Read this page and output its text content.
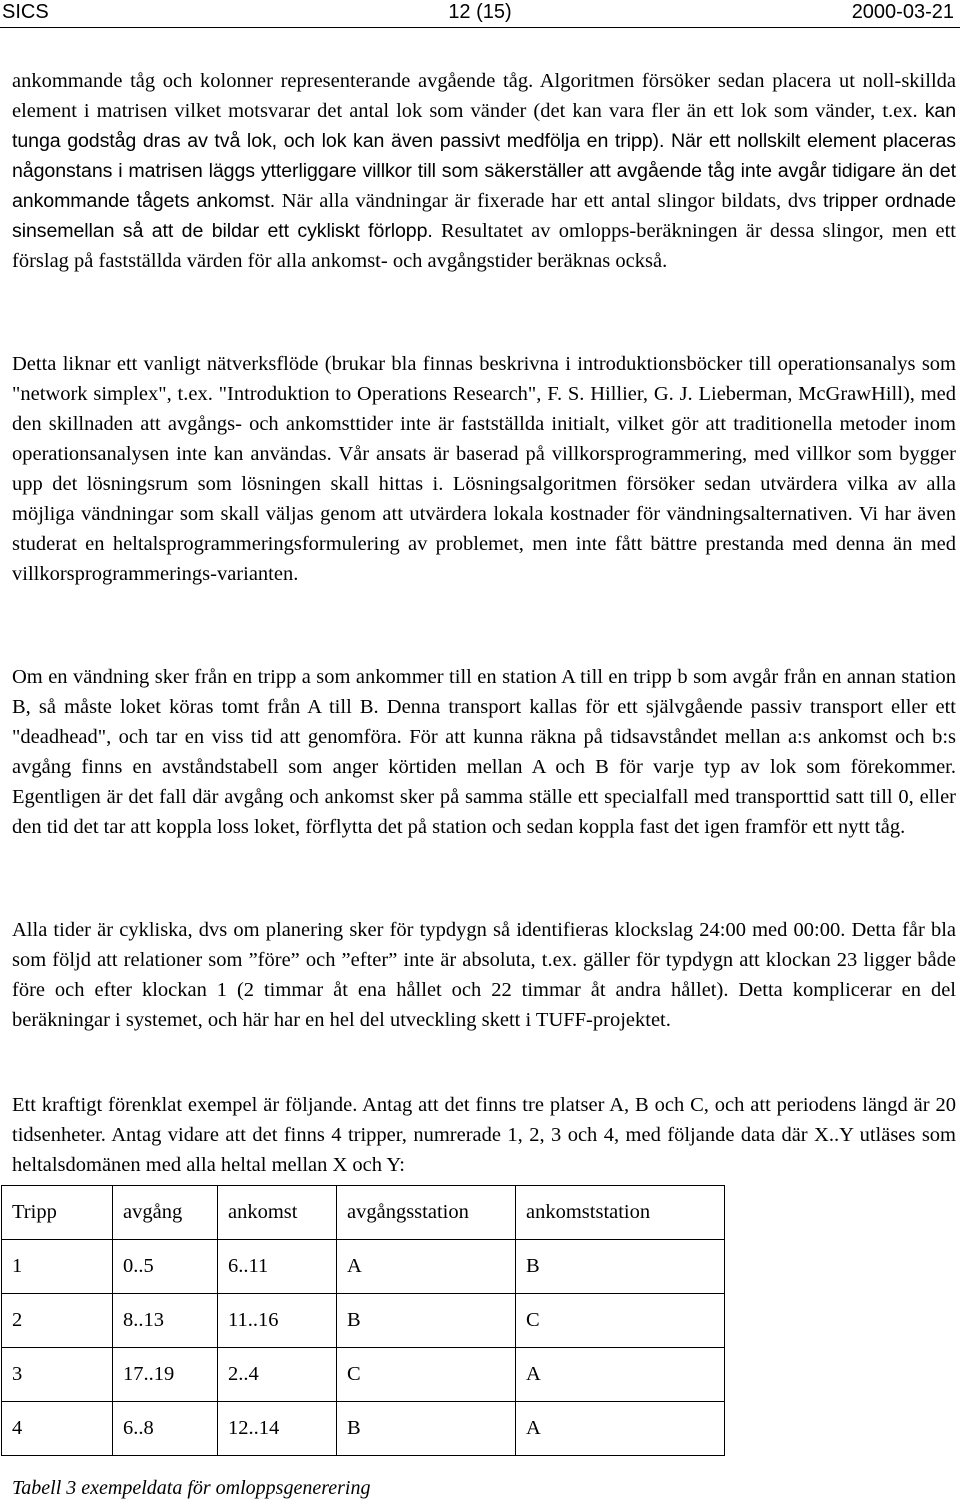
SICS	12 (15)	2000-03-21

ankommande tåg och kolonner representerande avgående tåg. Algoritmen försöker sedan placera ut noll-skillda element i matrisen vilket motsvarar det antal lok som vänder (det kan vara fler än ett lok som vänder, t.ex. kan tunga godståg dras av två lok, och lok kan även passivt medfölja en tripp). När ett nollskilt element placeras någonstans i matrisen läggs ytterliggare villkor till som säkerställer att avgående tåg inte avgår tidigare än det ankommande tågets ankomst. När alla vändningar är fixerade har ett antal slingor bildats, dvs tripper ordnade sinsemellan så att de bildar ett cykliskt förlopp. Resultatet av omlopps-beräkningen är dessa slingor, men ett förslag på fastställda värden för alla ankomst- och avgångstider beräknas också.

Detta liknar ett vanligt nätverksflöde (brukar bla finnas beskrivna i introduktionsböcker till operationsanalys som "network simplex", t.ex. "Introduktion to Operations Research", F. S. Hillier, G. J. Lieberman, McGrawHill), med den skillnaden att avgångs- och ankomsttider inte är fastställda initialt, vilket gör att traditionella metoder inom operationsanalysen inte kan användas. Vår ansats är baserad på villkorsprogrammering, med villkor som bygger upp det lösningsrum som lösningen skall hittas i. Lösningsalgoritmen försöker sedan utvärdera vilka av alla möjliga vändningar som skall väljas genom att utvärdera lokala kostnader för vändningsalternativen. Vi har även studerat en heltalsprogrammeringsformulering av problemet, men inte fått bättre prestanda med denna än med villkorsprogrammerings-varianten.

Om en vändning sker från en tripp a som ankommer till en station A till en tripp b som avgår från en annan station B, så måste loket köras tomt från A till B. Denna transport kallas för ett självgående passiv transport eller ett "deadhead", och tar en viss tid att genomföra. För att kunna räkna på tidsavståndet mellan a:s ankomst och b:s avgång finns en avståndstabell som anger körtiden mellan A och B för varje typ av lok som förekommer. Egentligen är det fall där avgång och ankomst sker på samma ställe ett specialfall med transporttid satt till 0, eller den tid det tar att koppla loss loket, förflytta det på station och sedan koppla fast det igen framför ett nytt tåg.

Alla tider är cykliska, dvs om planering sker för typdygn så identifieras klockslag 24:00 med 00:00. Detta får bla som följd att relationer som ”före” och ”efter” inte är absoluta, t.ex. gäller för typdygn att klockan 23 ligger både före och efter klockan 1 (2 timmar åt ena hållet och 22 timmar åt andra hållet). Detta komplicerar en del beräkningar i systemet, och här har en hel del utveckling skett i TUFF-projektet.

Ett kraftigt förenklat exempel är följande. Antag att det finns tre platser A, B och C, och att periodens längd är 20 tidsenheter. Antag vidare att det finns 4 tripper, numrerade 1, 2, 3 och 4, med följande data där X..Y utläses som heltalsdomänen med alla heltal mellan X och Y:

Tripp	avgång	ankomst	avgångsstation	ankomststation
1	0..5	6..11	A	B
2	8..13	11..16	B	C
3	17..19	2..4	C	A
4	6..8	12..14	B	A
Tabell 3 exempeldata för omloppsgenerering
